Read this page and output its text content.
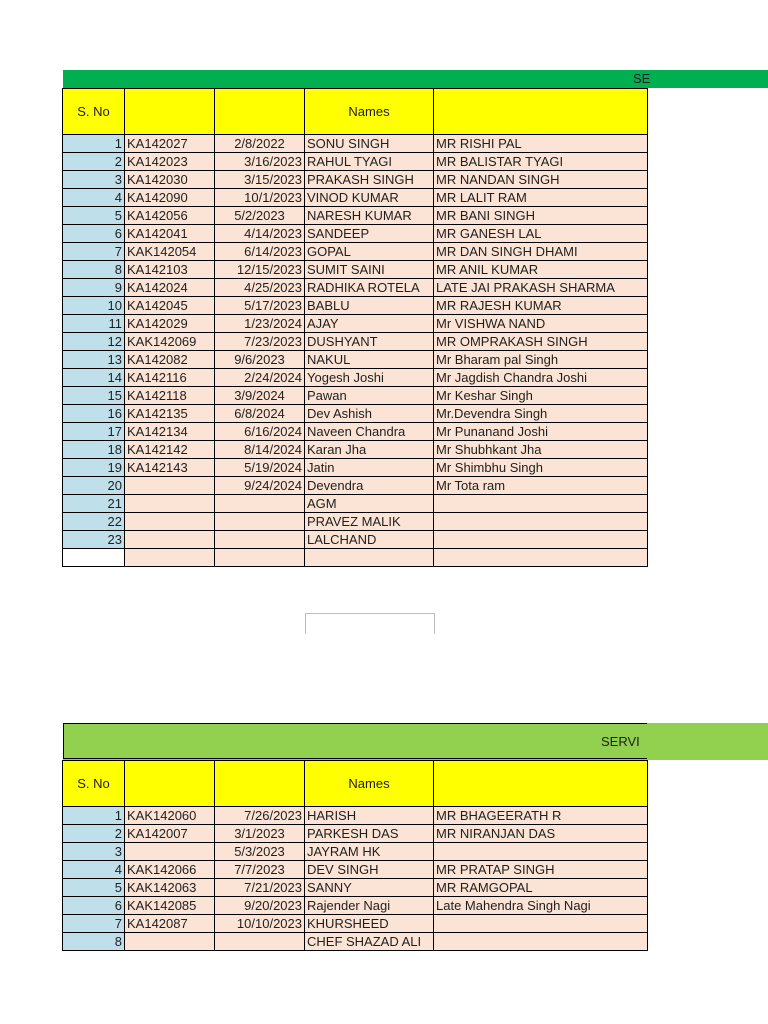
SE
S. No			Names	
1	KA142027	2/8/2022	SONU SINGH	MR RISHI PAL
2	KA142023	3/16/2023	RAHUL TYAGI	MR BALISTAR TYAGI
3	KA142030	3/15/2023	PRAKASH SINGH	MR NANDAN SINGH
4	KA142090	10/1/2023	VINOD KUMAR	MR LALIT RAM
5	KA142056	5/2/2023	NARESH KUMAR	MR BANI SINGH
6	KA142041	4/14/2023	SANDEEP	MR GANESH LAL
7	KAK142054	6/14/2023	GOPAL	MR DAN SINGH DHAMI
8	KA142103	12/15/2023	SUMIT SAINI	MR ANIL KUMAR
9	KA142024	4/25/2023	RADHIKA ROTELA	LATE JAI PRAKASH SHARMA
10	KA142045	5/17/2023	BABLU	MR RAJESH KUMAR
11	KA142029	1/23/2024	AJAY	Mr VISHWA NAND
12	KAK142069	7/23/2023	DUSHYANT	MR OMPRAKASH SINGH
13	KA142082	9/6/2023	NAKUL	Mr Bharam pal Singh
14	KA142116	2/24/2024	Yogesh Joshi	Mr Jagdish Chandra Joshi
15	KA142118	3/9/2024	Pawan	Mr Keshar Singh
16	KA142135	6/8/2024	Dev Ashish	Mr.Devendra Singh
17	KA142134	6/16/2024	Naveen Chandra	Mr Punanand Joshi
18	KA142142	8/14/2024	Karan Jha	Mr Shubhkant Jha
19	KA142143	5/19/2024	Jatin	Mr Shimbhu Singh
20		9/24/2024	Devendra	Mr Tota ram
21			AGM	
22			PRAVEZ MALIK	
23			LALCHAND	

SERVI
S. No			Names	
1	KAK142060	7/26/2023	HARISH	MR BHAGEERATH R
2	KA142007	3/1/2023	PARKESH DAS	MR NIRANJAN DAS
3		5/3/2023	JAYRAM HK	
4	KAK142066	7/7/2023	DEV SINGH	MR PRATAP SINGH
5	KAK142063	7/21/2023	SANNY	MR RAMGOPAL
6	KAK142085	9/20/2023	Rajender Nagi	Late Mahendra Singh Nagi
7	KA142087	10/10/2023	KHURSHEED	
8			CHEF SHAZAD ALI	
